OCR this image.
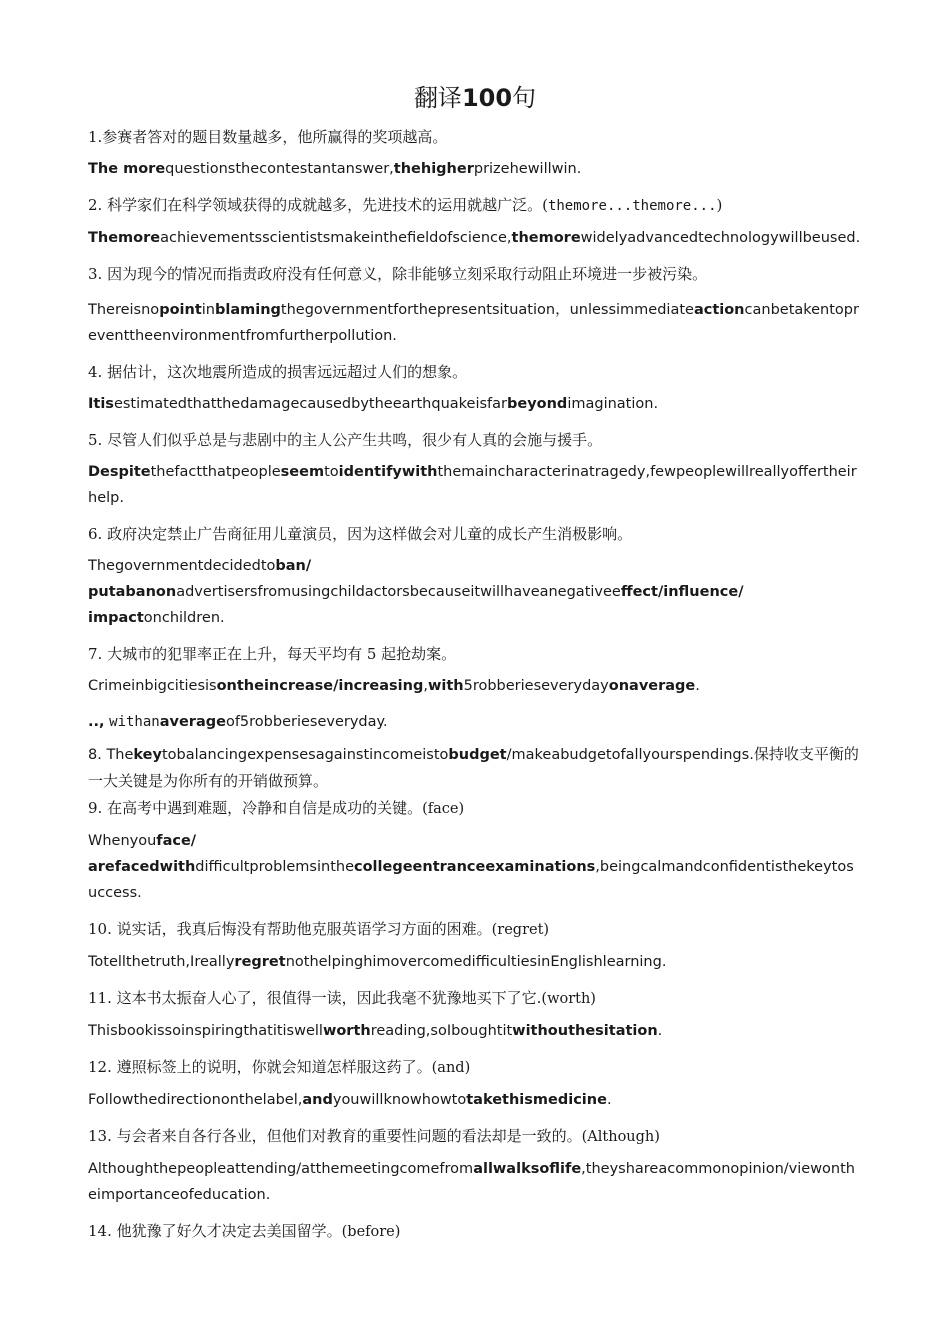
翻译100句

1.参赛者答对的题目数量越多，他所赢得的奖项越高。

The morequestionsthecontestantanswer,thehigherprizehewillwin.

2. 科学家们在科学领域获得的成就越多，先进技术的运用就越广泛。(themore...themore...)

Themoreachievementsscientistsmakeinthefieldofscience,themorewidelyadvancedtechnologywillbeused.

3. 因为现今的情况而指责政府没有任何意义，除非能够立刻采取行动阻止环境进一步被污染。

Thereisnopointinblamingthegovernmentforthepresentsituation，unlessimmediateactioncanbetakentopreventtheenvironmentfromfurtherpollution.

4. 据估计，这次地震所造成的损害远远超过人们的想象。

Itisestimatedthatthedamagecausedbytheearthquakeisfarbeyondimagination.

5. 尽管人们似乎总是与悲剧中的主人公产生共鸣，很少有人真的会施与援手。

Despitethefactthatpeopleseemtoidentifywiththemaincharacterinatragedy,fewpeoplewillreallyoffertheirhelp.

6. 政府决定禁止广告商征用儿童演员，因为这样做会对儿童的成长产生消极影响。

Thegovernmentdecidedtoban/
putabanonadvertisersfromusingchildactorsbecauseitwillhaveanegativeeffect/influence/
impactonchildren.

7. 大城市的犯罪率正在上升，每天平均有 5 起抢劫案。

Crimeinbigcitiesisontheincrease/increasing,with5robberieseverydayonaverage.

.., withanaverageof5robberieseveryday.

8. Thekeytobalancingexpensesagainstincomeistobudget/makeabudgetofallyourspendings.保持收支平衡的一大关键是为你所有的开销做预算。

9. 在高考中遇到难题，冷静和自信是成功的关键。(face)

Whenyouface/
arefacedwithdifficultproblemsinthecollegeentranceexaminations,beingcalmandconfidentisthekeytosuccess.

10. 说实话，我真后悔没有帮助他克服英语学习方面的困难。(regret)

Totellthetruth,IreallyregretnothelpinghimovercomedifficultiesinEnglishlearning.

11. 这本书太振奋人心了，很值得一读，因此我毫不犹豫地买下了它.(worth)

Thisbookissoinspiringthatitiswellworthreading,soIboughtitwithouthesitation.

12. 遵照标签上的说明，你就会知道怎样服这药了。(and)

Followthedirectiononthelabel,andyouwillknowhowtotakethismedicine.

13. 与会者来自各行各业，但他们对教育的重要性问题的看法却是一致的。(Although)

Althoughthepeopleattending/atthemeetingcomefromallwalksoflife,theyshareacommonopinion/viewontheimportanceofeducation.

14. 他犹豫了好久才决定去美国留学。(before)
